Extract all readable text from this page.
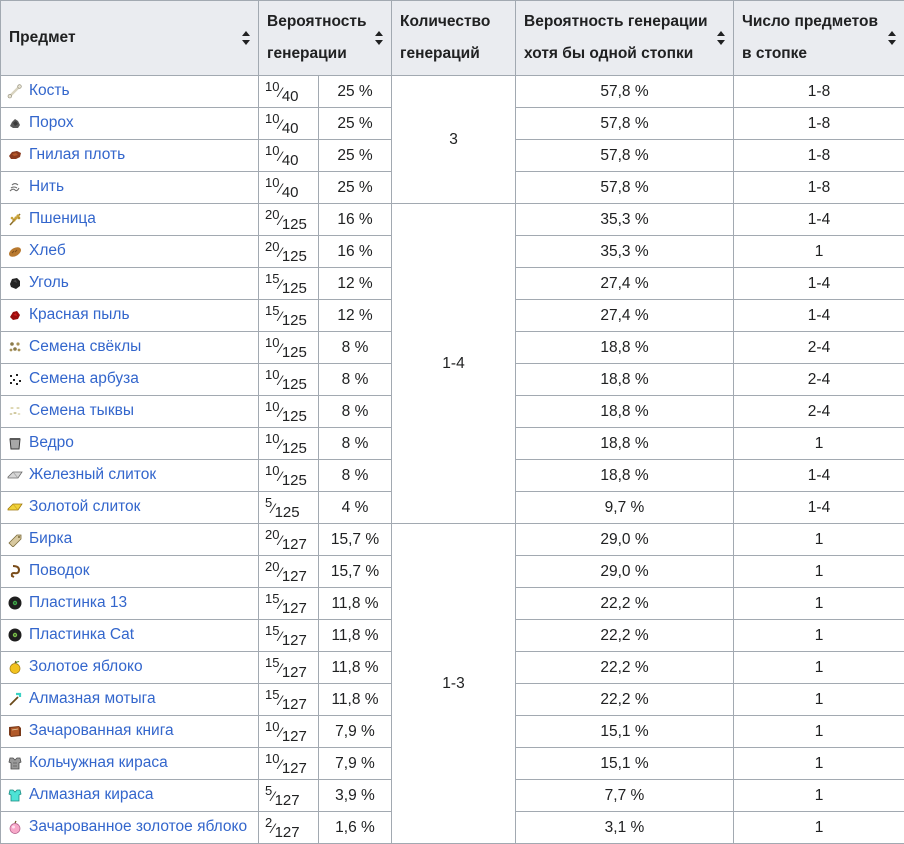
Предмет	Вероятность генерации		Количество генераций	Вероятность генерации хотя бы одной стопки	Число предметов в стопке

Кость	10⁄40	25 %	3	57,8 %	1-8
Порох	10⁄40	25 %		57,8 %	1-8
Гнилая плоть	10⁄40	25 %		57,8 %	1-8
Нить	10⁄40	25 %		57,8 %	1-8
Пшеница	20⁄125	16 %	1-4	35,3 %	1-4
Хлеб	20⁄125	16 %		35,3 %	1
Уголь	15⁄125	12 %		27,4 %	1-4
Красная пыль	15⁄125	12 %		27,4 %	1-4
Семена свёклы	10⁄125	8 %		18,8 %	2-4
Семена арбуза	10⁄125	8 %		18,8 %	2-4
Семена тыквы	10⁄125	8 %		18,8 %	2-4
Ведро	10⁄125	8 %		18,8 %	1
Железный слиток	10⁄125	8 %		18,8 %	1-4
Золотой слиток	5⁄125	4 %		9,7 %	1-4
Бирка	20⁄127	15,7 %	1-3	29,0 %	1
Поводок	20⁄127	15,7 %		29,0 %	1
Пластинка 13	15⁄127	11,8 %		22,2 %	1
Пластинка Cat	15⁄127	11,8 %		22,2 %	1
Золотое яблоко	15⁄127	11,8 %		22,2 %	1
Алмазная мотыга	15⁄127	11,8 %		22,2 %	1
Зачарованная книга	10⁄127	7,9 %		15,1 %	1
Кольчужная кираса	10⁄127	7,9 %		15,1 %	1
Алмазная кираса	5⁄127	3,9 %		7,7 %	1
Зачарованное золотое яблоко	2⁄127	1,6 %		3,1 %	1
